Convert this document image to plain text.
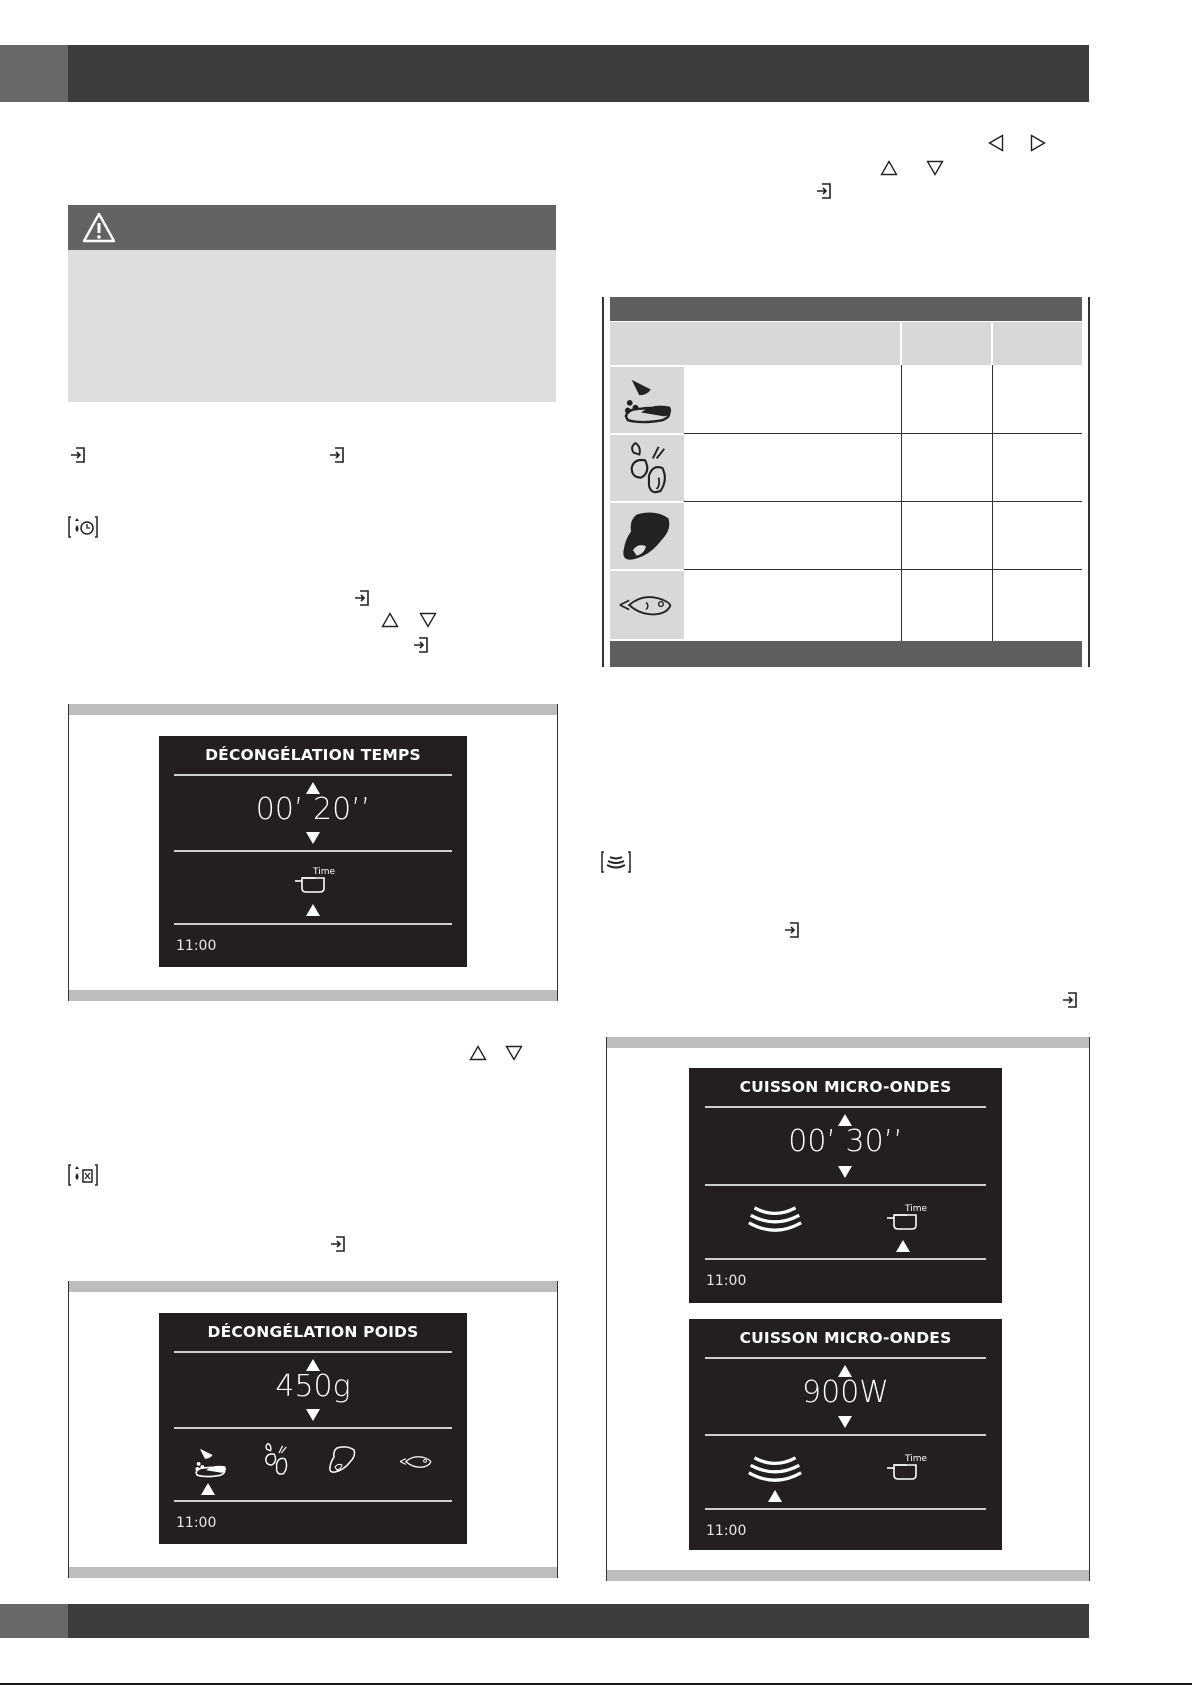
DÉCONGÉLATION TEMPS
00’ 20’’
Time
11:00
DÉCONGÉLATION POIDS
450g
11:00
CUISSON MICRO-ONDES
00’ 30’’
Time
11:00
CUISSON MICRO-ONDES
900W
Time
11:00
